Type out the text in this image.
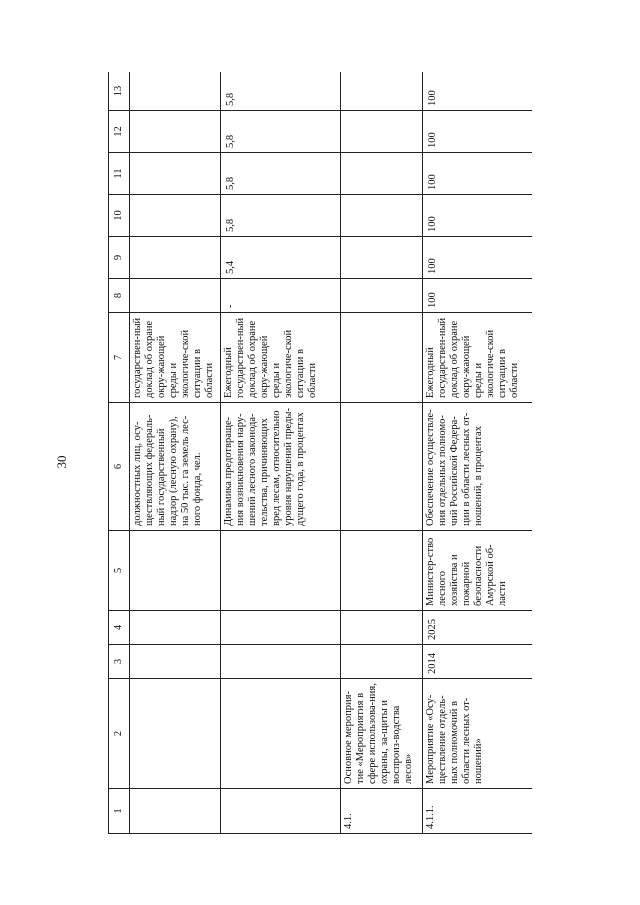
30
1	2	3	4	5	6	7	8	9	10	11	12	13
					должностных лиц, осу-ществляющих федераль-ный государственный надзор (лесную охрану), на 50 тыс. га земель лес-ного фонда, чел.	государствен-ный доклад об охране окру-жающей среды и экологиче-ской ситуации в области						
					Динамика предотвраще-ния возникновения нару-шений лесного законода-тельства, причиняющих вред лесам, относительно уровня нарушений преды-дущего года, в процентах	Ежегодный государствен-ный доклад об охране окру-жающей среды и экологиче-ской ситуации в области	-	5,4	5,8	5,8	5,8	5,8
4.1.	Основное мероприя-тие «Мероприятия в сфере использова-ния, охраны, за-щиты и воспроиз-водства лесов»											
4.1.1.	Мероприятие «Осу-ществление отдель-ных полномочий в области лесных от-ношений»	2014	2025	Министер-ство лесного хозяйства и пожарной безопасности Амурской об-ласти	Обеспечение осуществле-ния отдельных полномо-чий Российской Федера-ции в области лесных от-ношений, в процентах	Ежегодный государствен-ный доклад об охране окру-жающей среды и экологиче-ской ситуации в области	100	100	100	100	100	100
